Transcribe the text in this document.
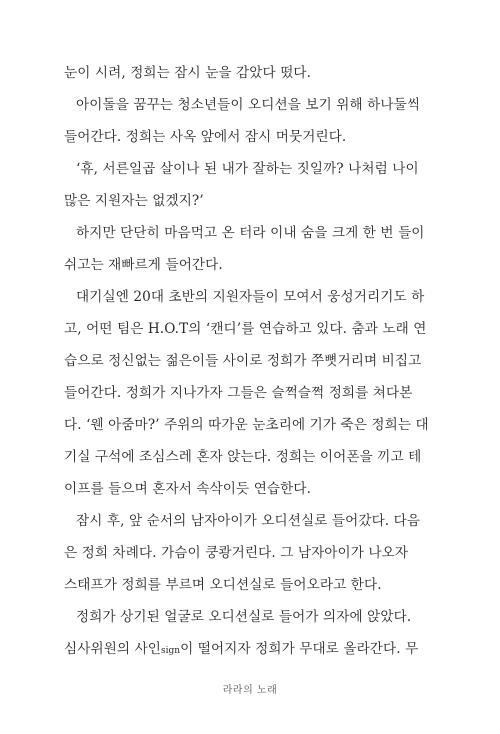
눈이 시려, 정희는 잠시 눈을 감았다 떴다.
아이돌을 꿈꾸는 청소년들이 오디션을 보기 위해 하나둘씩
들어간다. 정희는 사옥 앞에서 잠시 머뭇거린다.
‘휴, 서른일곱 살이나 된 내가 잘하는 짓일까? 나처럼 나이
많은 지원자는 없겠지?’
하지만 단단히 마음먹고 온 터라 이내 숨을 크게 한 번 들이
쉬고는 재빠르게 들어간다.
대기실엔 20대 초반의 지원자들이 모여서 웅성거리기도 하
고, 어떤 팀은 H.O.T의 ‘캔디’를 연습하고 있다. 춤과 노래 연
습으로 정신없는 젊은이들 사이로 정희가 쭈뼛거리며 비집고
들어간다. 정희가 지나가자 그들은 슬쩍슬쩍 정희를 쳐다본
다. ‘웬 아줌마?’ 주위의 따가운 눈초리에 기가 죽은 정희는 대
기실 구석에 조심스레 혼자 앉는다. 정희는 이어폰을 끼고 테
이프를 들으며 혼자서 속삭이듯 연습한다.
잠시 후, 앞 순서의 남자아이가 오디션실로 들어갔다. 다음
은 정희 차례다. 가슴이 쿵쾅거린다. 그 남자아이가 나오자
스태프가 정희를 부르며 오디션실로 들어오라고 한다.
정희가 상기된 얼굴로 오디션실로 들어가 의자에 앉았다.
심사위원의 사인sign이 떨어지자 정희가 무대로 올라간다. 무
라라의 노래
